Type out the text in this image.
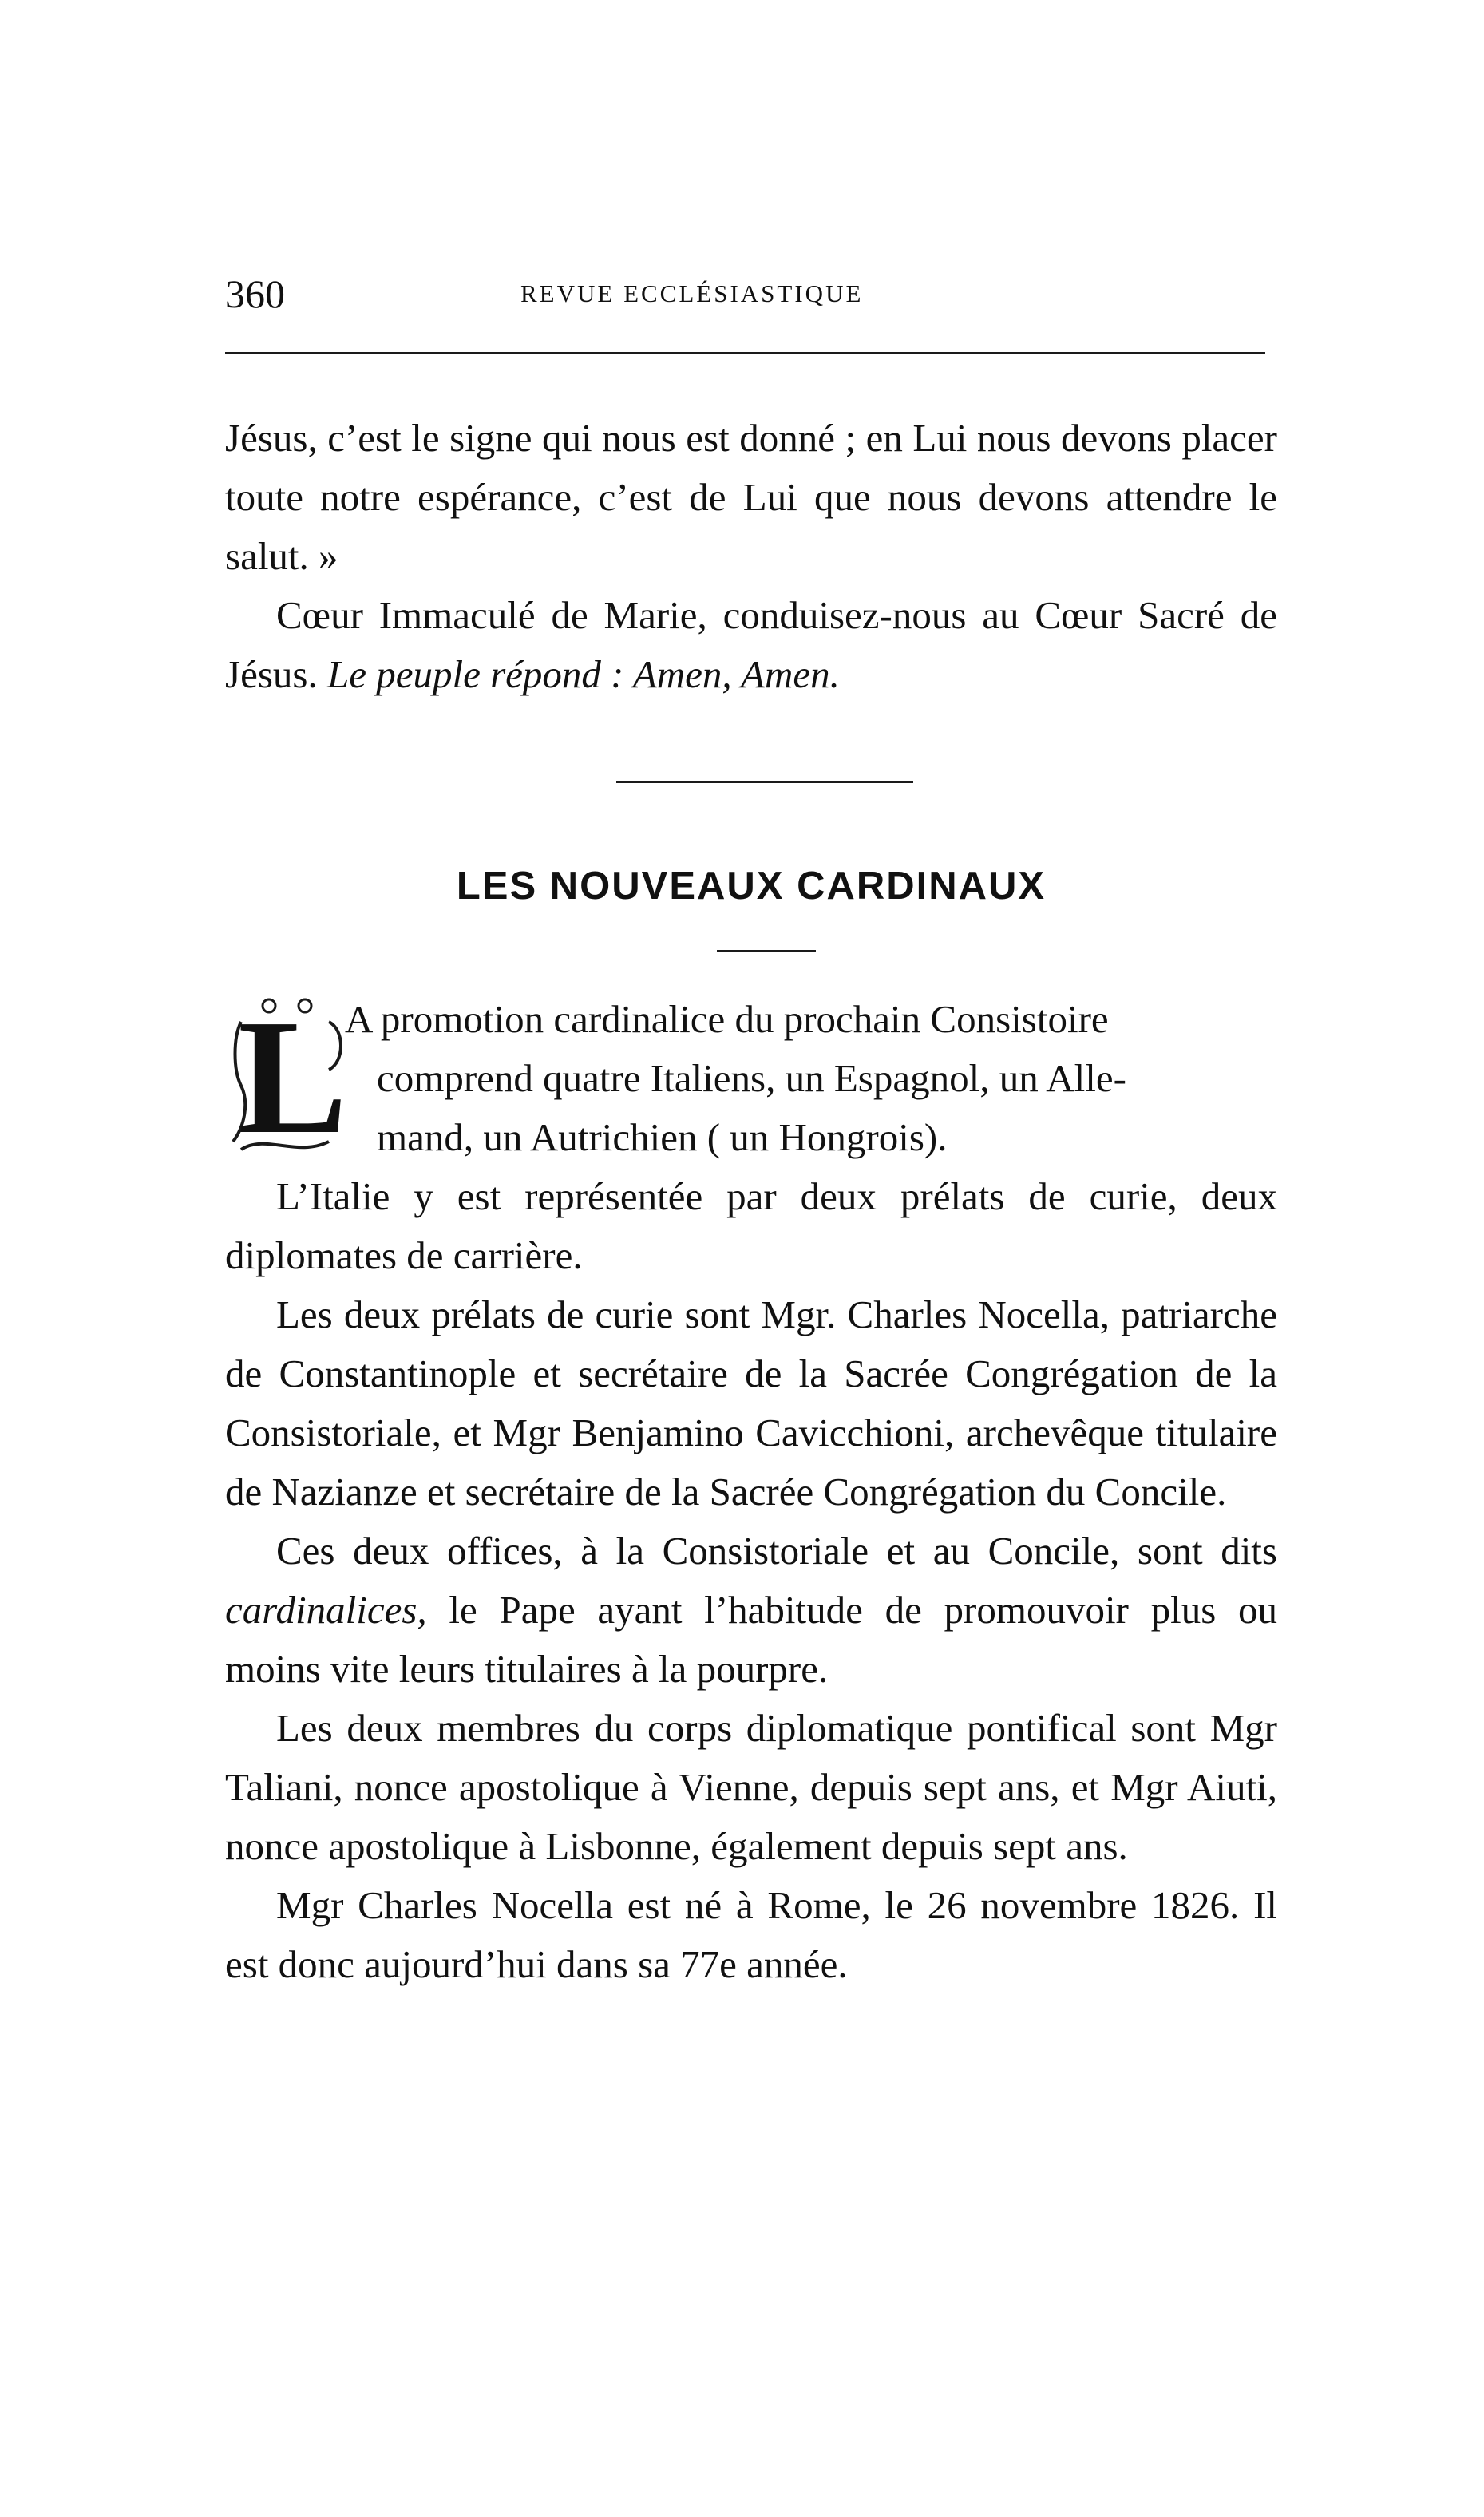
360	REVUE ECCLÉSIASTIQUE

Jésus, c’est le signe qui nous est donné ; en Lui nous devons placer toute notre espérance, c’est de Lui que nous devons attendre le salut. »

Cœur Immaculé de Marie, conduisez-nous au Cœur Sacré de Jésus. Le peuple répond : Amen, Amen.

LES NOUVEAUX CARDINAUX
L
A promotion cardinalice du prochain Consistoire
comprend quatre Italiens, un Espagnol, un Alle-
mand, un Autrichien ( un Hongrois).

L’Italie y est représentée par deux prélats de curie, deux diplomates de carrière.

Les deux prélats de curie sont Mgr. Charles Nocella, patriarche de Constantinople et secrétaire de la Sacrée Congrégation de la Consistoriale, et Mgr Benjamino Cavicchioni, archevêque titulaire de Nazianze et secrétaire de la Sacrée Congrégation du Concile.

Ces deux offices, à la Consistoriale et au Concile, sont dits cardinalices, le Pape ayant l’habitude de promouvoir plus ou moins vite leurs titulaires à la pourpre.

Les deux membres du corps diplomatique pontifical sont Mgr Taliani, nonce apostolique à Vienne, depuis sept ans, et Mgr Aiuti, nonce apostolique à Lisbonne, également depuis sept ans.

Mgr Charles Nocella est né à Rome, le 26 novembre 1826. Il est donc aujourd’hui dans sa 77e année.
